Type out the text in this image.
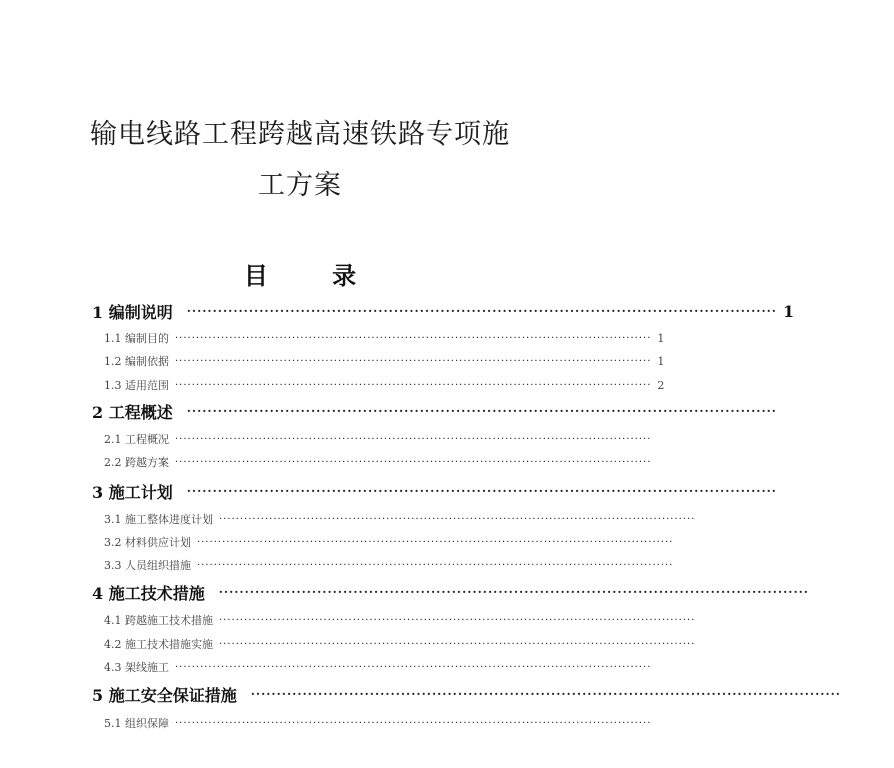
输电线路工程跨越高速铁路专项施
工方案
目 录
1 编制说明	·················································································································· 1
1.1 编制目的 ·················································································································· 1
1.2 编制依据 ·················································································································· 1
1.3 适用范围 ·················································································································· 2
2 工程概述	··················································································································
2.1 工程概况 ··················································································································
2.2 跨越方案 ··················································································································
3 施工计划	··················································································································
3.1 施工整体进度计划 ··················································································································
3.2 材料供应计划 ··················································································································
3.3 人员组织措施 ··················································································································
4 施工技术措施	··················································································································
4.1 跨越施工技术措施 ··················································································································
4.2 施工技术措施实施 ··················································································································
4.3 架线施工 ··················································································································
5 施工安全保证措施	··················································································································
5.1 组织保障 ··················································································································
